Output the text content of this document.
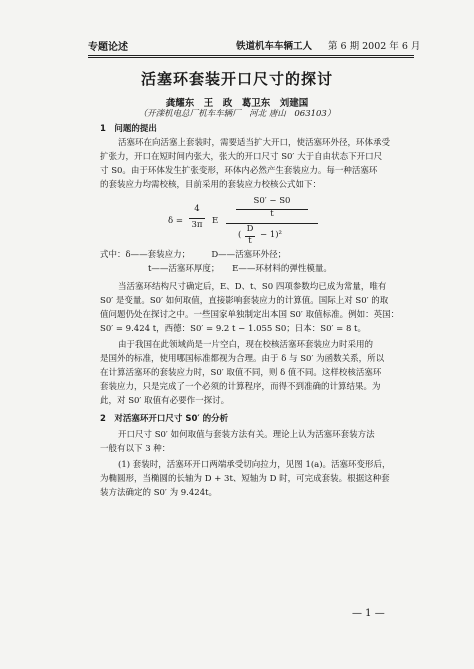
专题论述	铁道机车车辆工人 第 6 期 2002 年 6 月
活塞环套装开口尺寸的探讨
龚耀东　王　政　葛卫东　刘建国
（开滦机电总厂机车车辆厂　河北 唐山　063103）
1　问题的提出
活塞环在向活塞上套装时，需要适当扩大开口，使活塞环外径，环体承受
扩张力，开口在短时间内张大，张大的开口尺寸 S0′ 大于自由状态下开口尺
寸 S0。由于环体发生扩张变形，环体内必然产生套装应力。每一种活塞环
的套装应力均需校核，目前采用的套装应力校核公式如下：
δ =
4
3π	E
S0′ − S0
t
(
D
t
− 1)²
式中：δ——套装应力；　　　D——活塞环外径；
t——活塞环厚度；　　E——环材料的弹性模量。
当活塞环结构尺寸确定后，E、D、t、S0 四项参数均已成为常量，唯有
S0′ 是变量。S0′ 如何取值，直接影响套装应力的计算值。国际上对 S0′ 的取
值问题仍处在探讨之中。一些国家单独制定出本国 S0′ 取值标准。例如：英国：
S0′ = 9.424 t，西德：S0′ = 9.2 t − 1.055 S0；日本：S0′ = 8 t。
由于我国在此领域尚是一片空白，现在校核活塞环套装应力时采用的
是国外的标准，使用哪国标准都视为合理。由于 δ 与 S0′ 为函数关系，所以
在计算活塞环的套装应力时，S0′ 取值不同，则 δ 值不同。这样校核活塞环
套装应力，只是完成了一个必须的计算程序，而得不到准确的计算结果。为
此，对 S0′ 取值有必要作一探讨。
2　对活塞环开口尺寸 S0′ 的分析
开口尺寸 S0′ 如何取值与套装方法有关。理论上认为活塞环套装方法
一般有以下 3 种：
(1) 套装时，活塞环开口两端承受切向拉力，见图 1(a)。活塞环变形后，
为椭圆形，当椭圆的长轴为 D + 3t、短轴为 D 时，可完成套装。根据这种套
装方法确定的 S0′ 为 9.424t。
— 1 —
